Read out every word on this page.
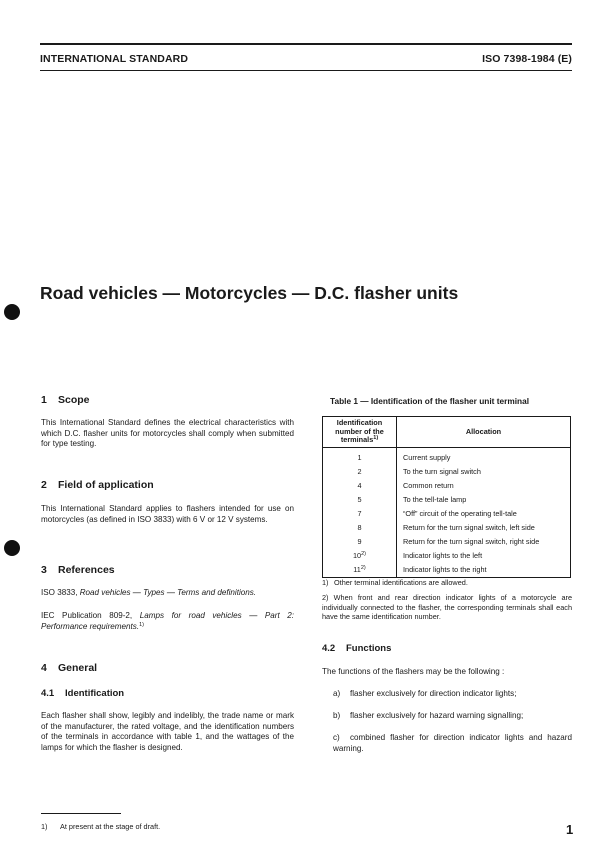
INTERNATIONAL STANDARD	ISO 7398-1984 (E)
Road vehicles — Motorcycles — D.C. flasher units
1 Scope
This International Standard defines the electrical characteristics with which D.C. flasher units for motorcycles shall comply when submitted for type testing.
2 Field of application
This International Standard applies to flashers intended for use on motorcycles (as defined in ISO 3833) with 6 V or 12 V systems.
3 References
ISO 3833, Road vehicles — Types — Terms and definitions.
IEC Publication 809-2, Lamps for road vehicles — Part 2: Performance requirements.$^{1)}$
4 General
4.1 Identification
Each flasher shall show, legibly and indelibly, the trade name or mark of the manufacturer, the rated voltage, and the identification numbers of the terminals in accordance with table 1, and the wattages of the lamps for which the flasher is designed.
1) At present at the stage of draft.
Table 1 — Identification of the flasher unit terminal
Identification number of the terminals$^{1)}$	Allocation
1	Current supply
2	To the turn signal switch
4	Common return
5	To the tell-tale lamp
7	“Off” circuit of the operating tell-tale
8	Return for the turn signal switch, left side
9	Return for the turn signal switch, right side
10$^{2)}$	Indicator lights to the left
11$^{2)}$	Indicator lights to the right
1) Other terminal identifications are allowed.
2) When front and rear direction indicator lights of a motorcycle are individually connected to the flasher, the corresponding terminals shall each have the same identification number.
4.2 Functions
The functions of the flashers may be the following :
a) flasher exclusively for direction indicator lights;
b) flasher exclusively for hazard warning signalling;
c) combined flasher for direction indicator lights and hazard warning.
1
